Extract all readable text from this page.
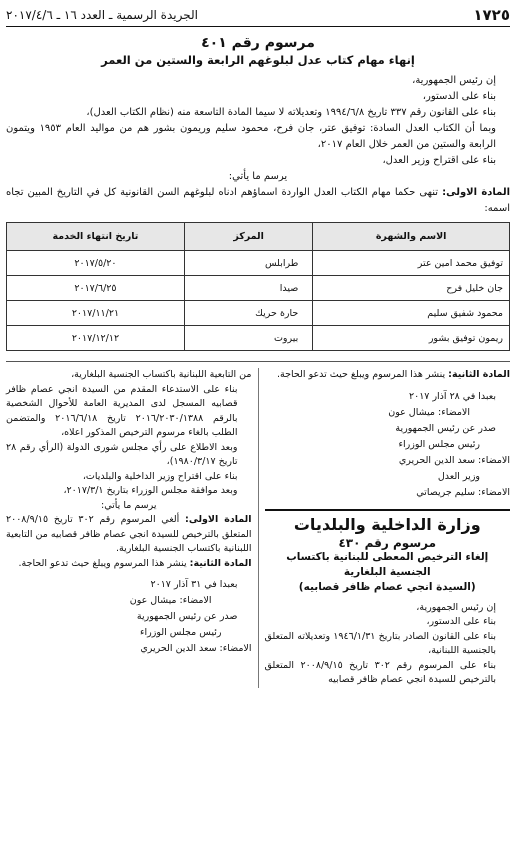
١٧٢٥
الجريدة الرسمية ـ العدد ١٦ ـ ٢٠١٧/٤/٦
مرسوم رقم ٤٠١
إنهاء مهام كتاب عدل لبلوغهم الرابعة والستين من العمر

إن رئيس الجمهورية،

بناء على الدستور،

بناء على القانون رقم ٣٣٧ تاريخ ١٩٩٤/٦/٨ وتعديلاته لا سيما المادة التاسعة منه (نظام الكتاب العدل)،

وبما أن الكتاب العدل السادة: توفيق عتر، جان فرح، محمود سليم وريمون بشور هم من مواليد العام ١٩٥٣ ويتمون الرابعة والستين من العمر خلال العام ٢٠١٧،

بناء على اقتراح وزير العدل،

يرسم ما يأتي:

المادة الاولى: تنهى حكما مهام الكتاب العدل الواردة اسماؤهم ادناه لبلوغهم السن القانونية كل في التاريخ المبين تجاه اسمه:

الاسم والشهرة	المركز	تاريخ انتهاء الخدمة
توفيق محمد امين عتر	طرابلس	٢٠١٧/٥/٢٠
جان خليل فرح	صيدا	٢٠١٧/٦/٢٥
محمود شفيق سليم	حارة حريك	٢٠١٧/١١/٢١
ريمون توفيق بشور	بيروت	٢٠١٧/١٢/١٢

المادة الثانية: ينشر هذا المرسوم ويبلغ حيث تدعو الحاجة.

بعبدا في ٢٨ آذار ٢٠١٧

الامضاء: ميشال عون

صدر عن رئيس الجمهورية

رئيس مجلس الوزراء

الامضاء: سعد الدين الحريري

وزير العدل

الامضاء: سليم جريصاتي

وزارة الداخلية والبلديات
مرسوم رقم ٤٣٠
إلغاء الترخيص المعطى للبنانية باكتساب
الجنسية البلغارية
(السيدة انجي عصام ظافر قصابيه)

إن رئيس الجمهورية،

بناء على الدستور،

بناء على القانون الصادر بتاريخ ١٩٤٦/١/٣١ وتعديلاته المتعلق بالجنسية اللبنانية،

بناء على المرسوم رقم ٣٠٢ تاريخ ٢٠٠٨/٩/١٥ المتعلق بالترخيص للسيدة انجي عصام ظافر قصابيه

من التابعية اللبنانية باكتساب الجنسية البلغارية،

بناء على الاستدعاء المقدم من السيدة انجي عصام ظافر قصابيه المسجل لدى المديرية العامة للأحوال الشخصية بالرقم ٢٠١٦/٢٠٣٠/١٣٨٨ تاريخ ٢٠١٦/٦/١٨ والمتضمن الطلب بالغاء مرسوم الترخيص المذكور اعلاه،

وبعد الاطلاع على رأي مجلس شورى الدولة (الرأي رقم ٢٨ تاريخ ١٩٨٠/٣/١٧)،

بناء على اقتراح وزير الداخلية والبلديات،

وبعد موافقة مجلس الوزراء بتاريخ ٢٠١٧/٣/١،

يرسم ما يأتي:

المادة الاولى: ألغي المرسوم رقم ٣٠٢ تاريخ ٢٠٠٨/٩/١٥ المتعلق بالترخيص للسيدة انجي عصام ظافر قصابيه من التابعية اللبنانية باكتساب الجنسية البلغارية.

المادة الثانية: ينشر هذا المرسوم ويبلغ حيث تدعو الحاجة.

بعبدا في ٣١ آذار ٢٠١٧

الامضاء: ميشال عون

صدر عن رئيس الجمهورية

رئيس مجلس الوزراء

الامضاء: سعد الدين الحريري
